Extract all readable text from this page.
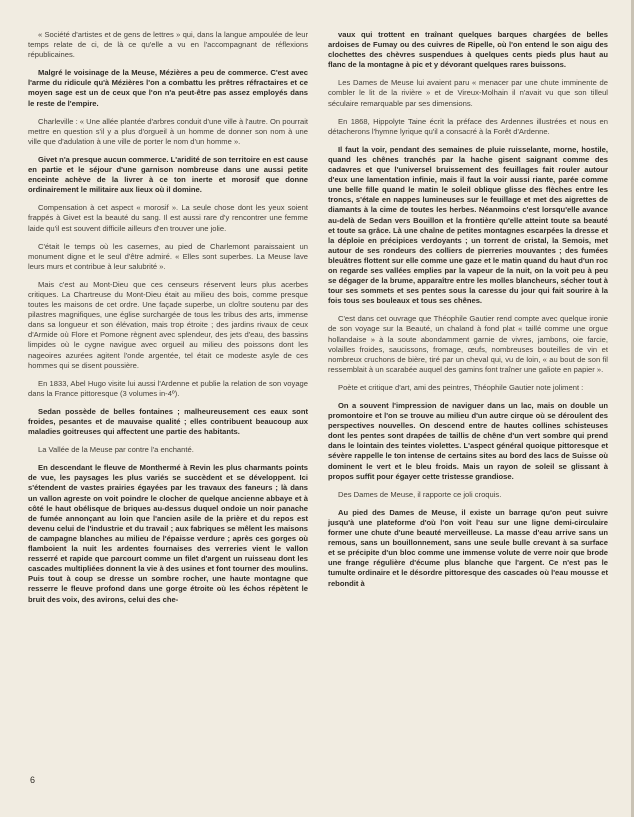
« Société d'artistes et de gens de lettres » qui, dans la langue ampoulée de leur temps relate de ci, de là ce qu'elle a vu en l'accompagnant de réflexions républicaines.

Malgré le voisinage de la Meuse, Mézières a peu de commerce. C'est avec l'arme du ridicule qu'à Mézières l'on a combattu les prêtres réfractaires et ce moyen sage est un de ceux que l'on n'a peut-être pas assez employés dans le reste de l'empire.

Charleville : « Une allée plantée d'arbres conduit d'une ville à l'autre. On pourrait mettre en question s'il y a plus d'orgueil à un homme de donner son nom à une ville que d'adulation à une ville de porter le nom d'un homme ».

Givet n'a presque aucun commerce. L'aridité de son territoire en est cause en partie et le séjour d'une garnison nombreuse dans une aussi petite enceinte achève de la livrer à ce ton inerte et morosif que donne ordinairement le militaire aux lieux où il domine.

Compensation à cet aspect « morosif ». La seule chose dont les yeux soient frappés à Givet est la beauté du sang. Il est aussi rare d'y rencontrer une femme laide qu'il est souvent difficile ailleurs d'en trouver une jolie.

C'était le temps où les casernes, au pied de Charlemont paraissaient un monument digne et le seul d'être admiré. « Elles sont superbes. La Meuse lave leurs murs et contribue à leur salubrité ».

Mais c'est au Mont-Dieu que ces censeurs réservent leurs plus acerbes critiques. La Chartreuse du Mont-Dieu était au milieu des bois, comme presque toutes les maisons de cet ordre. Une façade superbe, un cloître soutenu par des pilastres magnifiques, une église surchargée de tous les tribus des arts, immense dans sa longueur et son élévation, mais trop étroite ; des jardins rivaux de ceux d'Armide où Flore et Pomone règnent avec splendeur, des jets d'eau, des bassins limpides où le cygne navigue avec orgueil au milieu des poissons dont les nageoires azurées agitent l'onde argentée, tel était ce modeste asyle de ces hommes qui se disent poussière.

En 1833, Abel Hugo visite lui aussi l'Ardenne et publie la relation de son voyage dans la France pittoresque (3 volumes in-4º).

Sedan possède de belles fontaines ; malheureusement ces eaux sont froides, pesantes et de mauvaise qualité ; elles contribuent beaucoup aux maladies goitreuses qui affectent une partie des habitants.

La Vallée de la Meuse par contre l'a enchanté.

En descendant le fleuve de Monthermé à Revin les plus charmants points de vue, les paysages les plus variés se succèdent et se développent. Ici s'étendent de vastes prairies égayées par les travaux des faneurs ; là dans un vallon agreste on voit poindre le clocher de quelque ancienne abbaye et à côté le haut obélisque de briques au-dessus duquel ondoie un noir panache de fumée annonçant au loin que l'ancien asile de la prière et du repos est devenu celui de l'industrie et du travail ; aux fabriques se mêlent les maisons de campagne blanches au milieu de l'épaisse verdure ; après ces gorges où flamboient la nuit les ardentes fournaises des verreries vient le vallon resserré et rapide que parcourt comme un filet d'argent un ruisseau dont les cascades multipliées donnent la vie à des usines et font tourner des moulins. Puis tout à coup se dresse un sombre rocher, une haute montagne que resserre le fleuve profond dans une gorge étroite où les échos répètent le bruit des voix, des avirons, celui des che-

vaux qui trottent en traînant quelques barques chargées de belles ardoises de Fumay ou des cuivres de Ripelle, où l'on entend le son aigu des clochettes des chèvres suspendues à quelques cents pieds plus haut au flanc de la montagne à pic et y dévorant quelques rares buissons.

Les Dames de Meuse lui avaient paru « menacer par une chute imminente de combler le lit de la rivière » et de Vireux-Molhain il n'avait vu que son tilleul séculaire remarquable par ses dimensions.

En 1868, Hippolyte Taine écrit la préface des Ardennes illustrées et nous en détacherons l'hymne lyrique qu'il a consacré à la Forêt d'Ardenne.

Il faut la voir, pendant des semaines de pluie ruisselante, morne, hostile, quand les chênes tranchés par la hache gisent saignant comme des cadavres et que l'universel bruissement des feuillages fait rouler autour d'eux une lamentation infinie, mais il faut la voir aussi riante, parée comme une belle fille quand le matin le soleil oblique glisse des flèches entre les troncs, s'étale en nappes lumineuses sur le feuillage et met des aigrettes de diamants à la cime de toutes les herbes. Néanmoins c'est lorsqu'elle avance au-delà de Sedan vers Bouillon et la frontière qu'elle atteint toute sa beauté et toute sa grâce. Là une chaîne de petites montagnes escarpées la dresse et la déploie en précipices verdoyants ; un torrent de cristal, la Semois, met autour de ses rondeurs des colliers de pierreries mouvantes ; des fumées bleuâtres flottent sur elle comme une gaze et le matin quand du haut d'un roc on regarde ses vallées emplies par la vapeur de la nuit, on la voit peu à peu se dégager de la brume, apparaître entre les molles blancheurs, sécher tout à tour ses sommets et ses pentes sous la caresse du jour qui fait sourire à la fois tous ses bouleaux et tous ses chênes.

C'est dans cet ouvrage que Théophile Gautier rend compte avec quelque ironie de son voyage sur la Beauté, un chaland à fond plat « taillé comme une orgue hollandaise » à la soute abondamment garnie de vivres, jambons, oie farcie, volailles froides, saucissons, fromage, œufs, nombreuses bouteilles de vin et nombreux cruchons de bière, tiré par un cheval qui, vu de loin, « au bout de son fil ressemblait à un scarabée auquel des gamins font traîner une galiote en papier ».

Poète et critique d'art, ami des peintres, Théophile Gautier note joliment :

On a souvent l'impression de naviguer dans un lac, mais on double un promontoire et l'on se trouve au milieu d'un autre cirque où se déroulent des perspectives nouvelles. On descend entre de hautes collines schisteuses dont les pentes sont drapées de taillis de chêne d'un vert sombre qui prend dans le lointain des teintes violettes. L'aspect général quoique pittoresque et sévère rappelle le ton intense de certains sites au bord des lacs de Suisse où dominent le vert et le bleu froids. Mais un rayon de soleil se glissant à propos suffit pour égayer cette tristesse grandiose.

Des Dames de Meuse, il rapporte ce joli croquis.

Au pied des Dames de Meuse, il existe un barrage qu'on peut suivre jusqu'à une plateforme d'où l'on voit l'eau sur une ligne demi-circulaire former une chute d'une beauté merveilleuse. La masse d'eau arrive sans un remous, sans un bouillonnement, sans une seule bulle crevant à sa surface et se précipite d'un bloc comme une immense volute de verre noir que brode une frange régulière d'écume plus blanche que l'argent. Ce n'est pas le tumulte ordinaire et le désordre pittoresque des cascades où l'eau mousse et rebondit à

6
